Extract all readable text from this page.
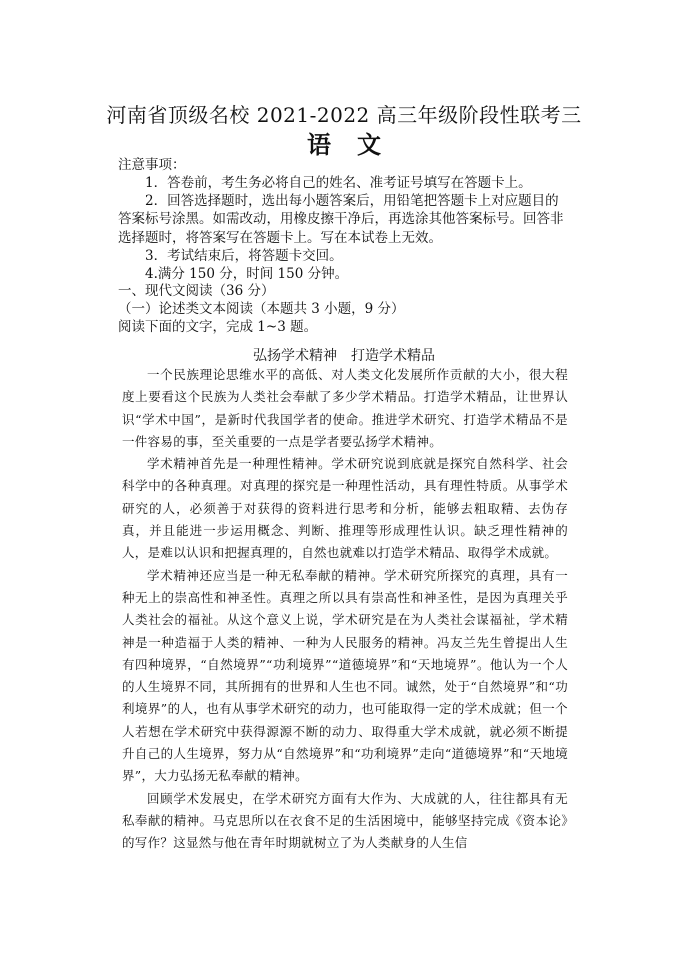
河南省顶级名校 2021-2022 高三年级阶段性联考三
语文
注意事项：

1．答卷前，考生务必将自己的姓名、准考证号填写在答题卡上。

2．回答选择题时，选出每小题答案后，用铅笔把答题卡上对应题目的答案标号涂黑。如需改动，用橡皮擦干净后，再选涂其他答案标号。回答非选择题时，将答案写在答题卡上。写在本试卷上无效。

3．考试结束后，将答题卡交回。

4.满分 150 分，时间 150 分钟。

一、现代文阅读（36 分）

（一）论述类文本阅读（本题共 3 小题，9 分）

阅读下面的文字，完成 1~3 题。

弘扬学术精神　打造学术精品

一个民族理论思维水平的高低、对人类文化发展所作贡献的大小，很大程度上要看这个民族为人类社会奉献了多少学术精品。打造学术精品，让世界认识“学术中国”，是新时代我国学者的使命。推进学术研究、打造学术精品不是一件容易的事，至关重要的一点是学者要弘扬学术精神。

学术精神首先是一种理性精神。学术研究说到底就是探究自然科学、社会科学中的各种真理。对真理的探究是一种理性活动，具有理性特质。从事学术研究的人，必须善于对获得的资料进行思考和分析，能够去粗取精、去伪存真，并且能进一步运用概念、判断、推理等形成理性认识。缺乏理性精神的人，是难以认识和把握真理的，自然也就难以打造学术精品、取得学术成就。

学术精神还应当是一种无私奉献的精神。学术研究所探究的真理，具有一种无上的崇高性和神圣性。真理之所以具有崇高性和神圣性，是因为真理关乎人类社会的福祉。从这个意义上说，学术研究是在为人类社会谋福祉，学术精神是一种造福于人类的精神、一种为人民服务的精神。冯友兰先生曾提出人生有四种境界，“自然境界”“功利境界”“道德境界”和“天地境界”。他认为一个人的人生境界不同，其所拥有的世界和人生也不同。诚然，处于“自然境界”和“功利境界”的人，也有从事学术研究的动力，也可能取得一定的学术成就；但一个人若想在学术研究中获得源源不断的动力、取得重大学术成就，就必须不断提升自己的人生境界，努力从“自然境界”和“功利境界”走向“道德境界”和“天地境界”，大力弘扬无私奉献的精神。

回顾学术发展史，在学术研究方面有大作为、大成就的人，往往都具有无私奉献的精神。马克思所以在衣食不足的生活困境中，能够坚持完成《资本论》的写作？这显然与他在青年时期就树立了为人类献身的人生信
